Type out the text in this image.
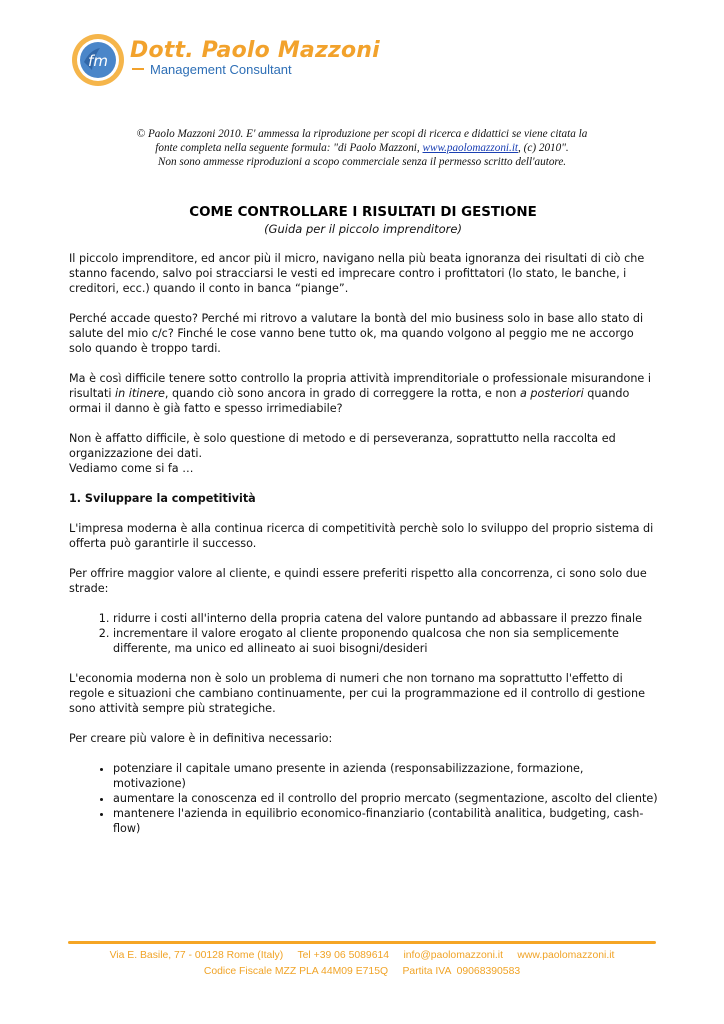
fm Dott. Paolo Mazzoni
Management Consultant
© Paolo Mazzoni 2010. E' ammessa la riproduzione per scopi di ricerca e didattici se viene citata la
fonte completa nella seguente formula: "di Paolo Mazzoni, www.paolomazzoni.it, (c) 2010".
Non sono ammesse riproduzioni a scopo commerciale senza il permesso scritto dell'autore.
COME CONTROLLARE I RISULTATI DI GESTIONE
(Guida per il piccolo imprenditore)

Il piccolo imprenditore, ed ancor più il micro, navigano nella più beata ignoranza dei risultati di ciò che stanno facendo, salvo poi stracciarsi le vesti ed imprecare contro i profittatori (lo stato, le banche, i creditori, ecc.) quando il conto in banca “piange”.

Perché accade questo? Perché mi ritrovo a valutare la bontà del mio business solo in base allo stato di salute del mio c/c? Finché le cose vanno bene tutto ok, ma quando volgono al peggio me ne accorgo solo quando è troppo tardi.

Ma è così difficile tenere sotto controllo la propria attività imprenditoriale o professionale misurandone i risultati in itinere, quando ciò sono ancora in grado di correggere la rotta, e non a posteriori quando ormai il danno è già fatto e spesso irrimediabile?

Non è affatto difficile, è solo questione di metodo e di perseveranza, soprattutto nella raccolta ed organizzazione dei dati.
Vediamo come si fa …

1. Sviluppare la competitività

L'impresa moderna è alla continua ricerca di competitività perchè solo lo sviluppo del proprio sistema di offerta può garantirle il successo.

Per offrire maggior valore al cliente, e quindi essere preferiti rispetto alla concorrenza, ci sono solo due strade:

1. ridurre i costi all'interno della propria catena del valore puntando ad abbassare il prezzo finale
2. incrementare il valore erogato al cliente proponendo qualcosa che non sia semplicemente differente, ma unico ed allineato ai suoi bisogni/desideri

L'economia moderna non è solo un problema di numeri che non tornano ma soprattutto l'effetto di regole e situazioni che cambiano continuamente, per cui la programmazione ed il controllo di gestione sono attività sempre più strategiche.

Per creare più valore è in definitiva necessario:

• potenziare il capitale umano presente in azienda (responsabilizzazione, formazione, motivazione)
• aumentare la conoscenza ed il controllo del proprio mercato (segmentazione, ascolto del cliente)
• mantenere l'azienda in equilibrio economico-finanziario (contabilità analitica, budgeting, cash-flow)
Via E. Basile, 77 - 00128 Rome (Italy)     Tel +39 06 5089614     info@paolomazzoni.it     www.paolomazzoni.it
Codice Fiscale MZZ PLA 44M09 E715Q     Partita IVA  09068390583
